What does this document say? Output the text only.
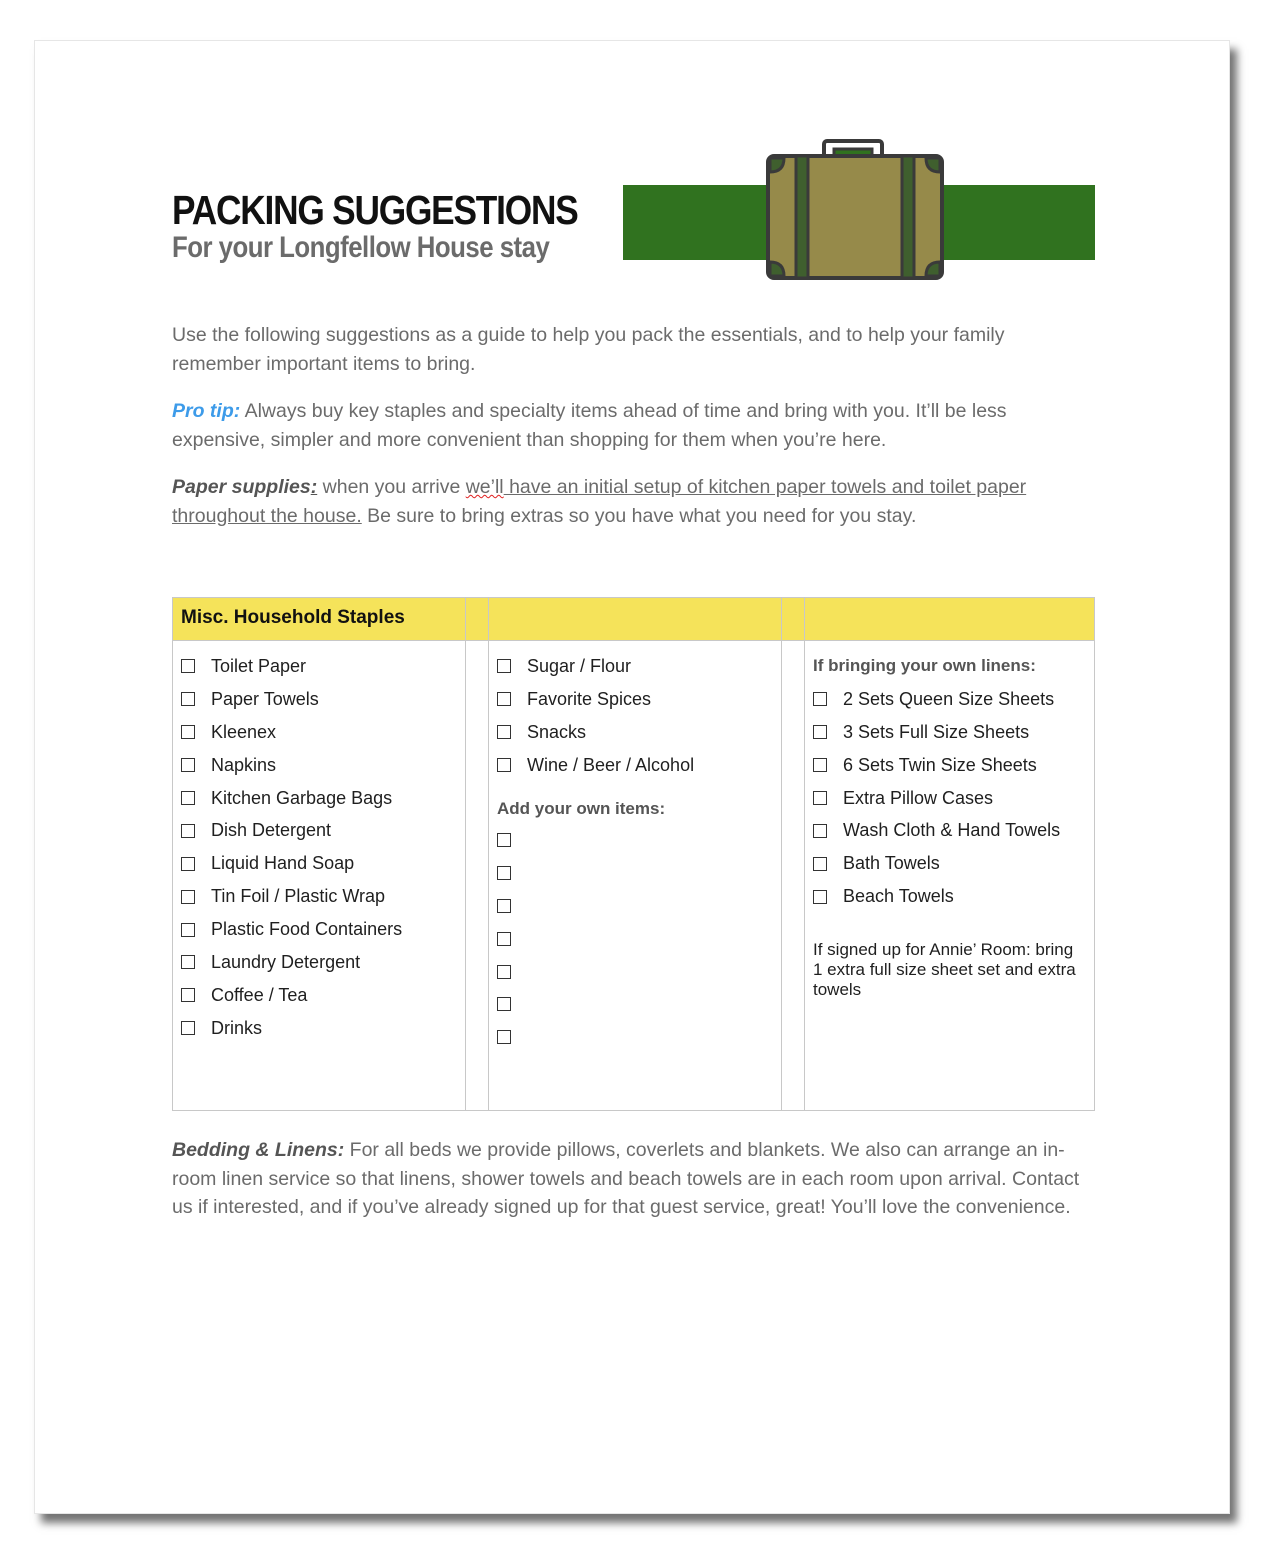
PACKING SUGGESTIONS
For your Longfellow House stay

Use the following suggestions as a guide to help you pack the essentials, and to help your family remember important items to bring.

Pro tip: Always buy key staples and specialty items ahead of time and bring with you. It’ll be less expensive, simpler and more convenient than shopping for them when you’re here.

Paper supplies: when you arrive we’ll have an initial setup of kitchen paper towels and toilet paper throughout the house. Be sure to bring extras so you have what you need for you stay.

Misc. Household Staples
Toilet Paper
Paper Towels
Kleenex
Napkins
Kitchen Garbage Bags
Dish Detergent
Liquid Hand Soap
Tin Foil / Plastic Wrap
Plastic Food Containers
Laundry Detergent
Coffee / Tea
Drinks
Sugar / Flour
Favorite Spices
Snacks
Wine / Beer / Alcohol
Add your own items:
If bringing your own linens:
2 Sets Queen Size Sheets
3 Sets Full Size Sheets
6 Sets Twin Size Sheets
Extra Pillow Cases
Wash Cloth & Hand Towels
Bath Towels
Beach Towels
If signed up for Annie’ Room: bring 1 extra full size sheet set and extra towels

Bedding & Linens: For all beds we provide pillows, coverlets and blankets. We also can arrange an in-room linen service so that linens, shower towels and beach towels are in each room upon arrival. Contact us if interested, and if you’ve already signed up for that guest service, great! You’ll love the convenience.
